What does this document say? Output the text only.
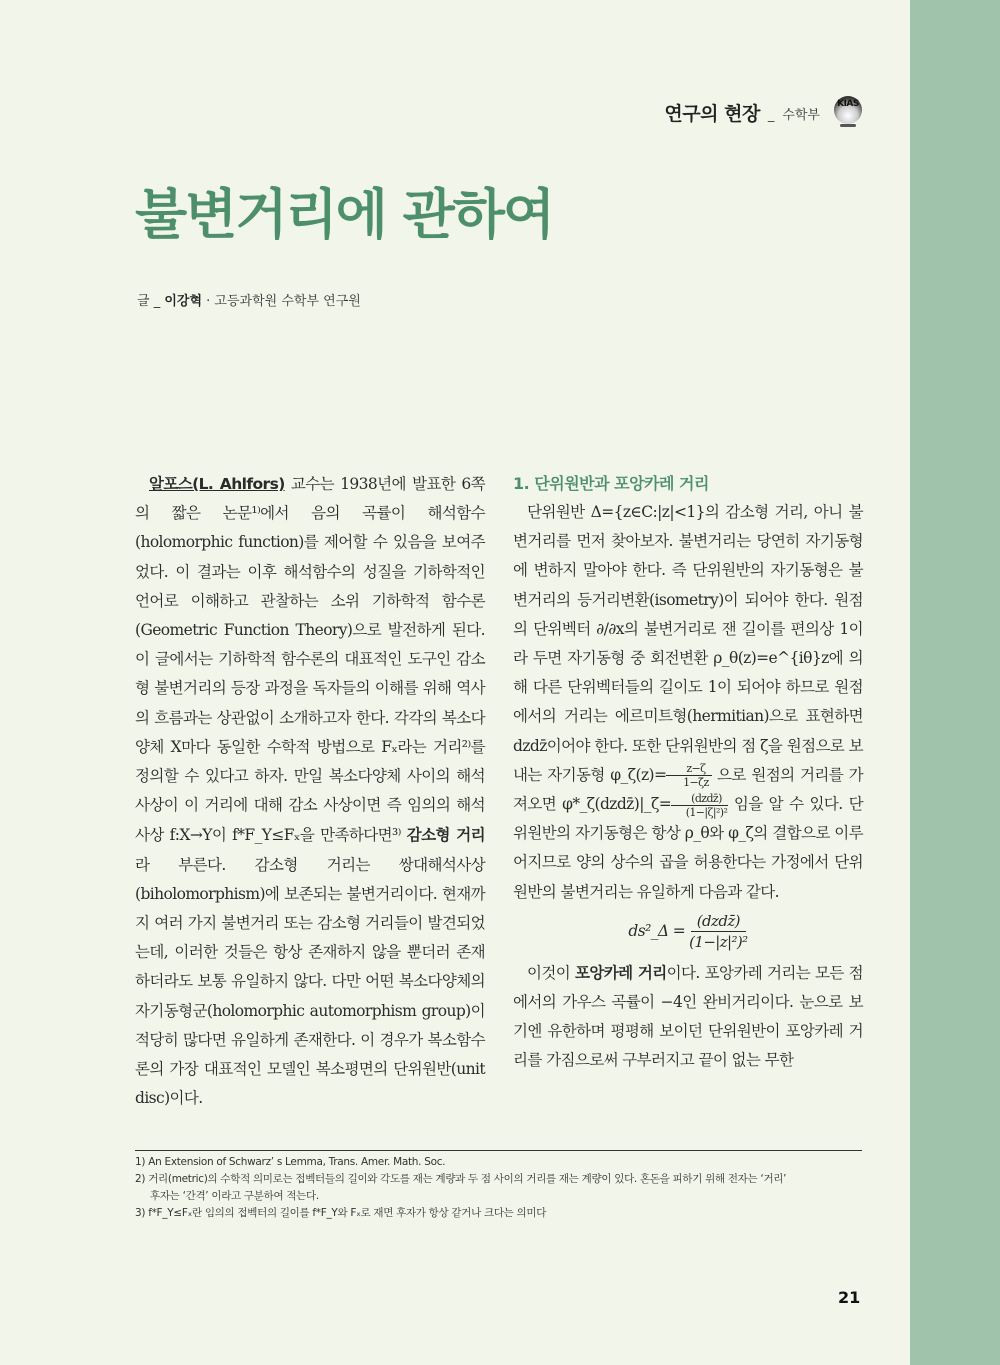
연구의 현장 _ 수학부
KIAS
불변거리에 관하여
글 _ 이강혁 · 고등과학원 수학부 연구원

알포스(L. Ahlfors) 교수는 1938년에 발표한 6쪽의 짧은 논문¹⁾에서 음의 곡률이 해석함수(holomorphic function)를 제어할 수 있음을 보여주었다. 이 결과는 이후 해석함수의 성질을 기하학적인 언어로 이해하고 관찰하는 소위 기하학적 함수론(Geometric Function Theory)으로 발전하게 된다. 이 글에서는 기하학적 함수론의 대표적인 도구인 감소형 불변거리의 등장 과정을 독자들의 이해를 위해 역사의 흐름과는 상관없이 소개하고자 한다. 각각의 복소다양체 X마다 동일한 수학적 방법으로 Fₓ라는 거리²⁾를 정의할 수 있다고 하자. 만일 복소다양체 사이의 해석사상이 이 거리에 대해 감소 사상이면 즉 임의의 해석사상 f:X→Y이 f*F_Y≤Fₓ을 만족하다면³⁾ 감소형 거리라 부른다. 감소형 거리는 쌍대해석사상(biholomorphism)에 보존되는 불변거리이다. 현재까지 여러 가지 불변거리 또는 감소형 거리들이 발견되었는데, 이러한 것들은 항상 존재하지 않을 뿐더러 존재하더라도 보통 유일하지 않다. 다만 어떤 복소다양체의 자기동형군(holomorphic automorphism group)이 적당히 많다면 유일하게 존재한다. 이 경우가 복소함수론의 가장 대표적인 모델인 복소평면의 단위원반(unit disc)이다.

1. 단위원반과 포앙카레 거리

단위원반 Δ={z∈C:|z|<1}의 감소형 거리, 아니 불변거리를 먼저 찾아보자. 불변거리는 당연히 자기동형에 변하지 말아야 한다. 즉 단위원반의 자기동형은 불변거리의 등거리변환(isometry)이 되어야 한다. 원점의 단위벡터 ∂/∂x의 불변거리로 잰 길이를 편의상 1이라 두면 자기동형 중 회전변환 ρ_θ(z)=e^{iθ}z에 의해 다른 단위벡터들의 길이도 1이 되어야 하므로 원점에서의 거리는 에르미트형(hermitian)으로 표현하면 dzdz̄이어야 한다. 또한 단위원반의 점 ζ을 원점으로 보내는 자기동형 φ_ζ(z)= $\frac{z-\zeta}{1-\zetāz}$ 으로 원점의 거리를 가져오면 φ*_ζ(dzdz̄)|_ζ= $\frac{\text{(dzdz̄)}}{\text{(1−|ζ|²)²}}$ 임을 알 수 있다. 단위원반의 자기동형은 항상 ρ_θ와 φ_ζ의 결합으로 이루어지므로 양의 상수의 곱을 허용한다는 가정에서 단위원반의 불변거리는 유일하게 다음과 같다.

ds²_Δ = $\frac{\text{(dzdz̄)}}{\text{(1−|z|²)²}}$

이것이 포앙카레 거리이다. 포앙카레 거리는 모든 점에서의 가우스 곡률이 −4인 완비거리이다. 눈으로 보기엔 유한하며 평평해 보이던 단위원반이 포앙카레 거리를 가짐으로써 구부러지고 끝이 없는 무한

1) An Extension of Schwarz’ s Lemma, Trans. Amer. Math. Soc.
2) 거리(metric)의 수학적 의미로는 접벡터들의 길이와 각도를 재는 계량과 두 점 사이의 거리를 재는 계량이 있다. 혼돈을 피하기 위해 전자는 ‘거리’
후자는 ‘간격’ 이라고 구분하여 적는다.
3) f*F_Y≤Fₓ란 임의의 접벡터의 길이를 f*F_Y와 Fₓ로 재면 후자가 항상 같거나 크다는 의미다
21
